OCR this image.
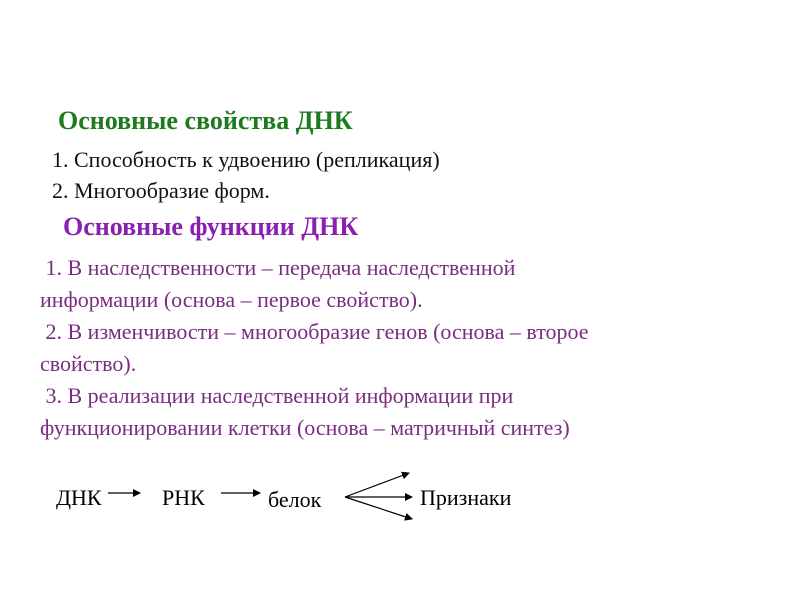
Основные свойства ДНК
1. Способность к удвоению (репликация)
2. Многообразие форм.
Основные функции ДНК
1. В наследственности – передача наследственной
информации (основа – первое свойство).
2. В изменчивости – многообразие генов (основа – второе
свойство).
3. В реализации наследственной информации при
функционировании клетки (основа – матричный синтез)
ДНК	РНК	белок	Признаки
